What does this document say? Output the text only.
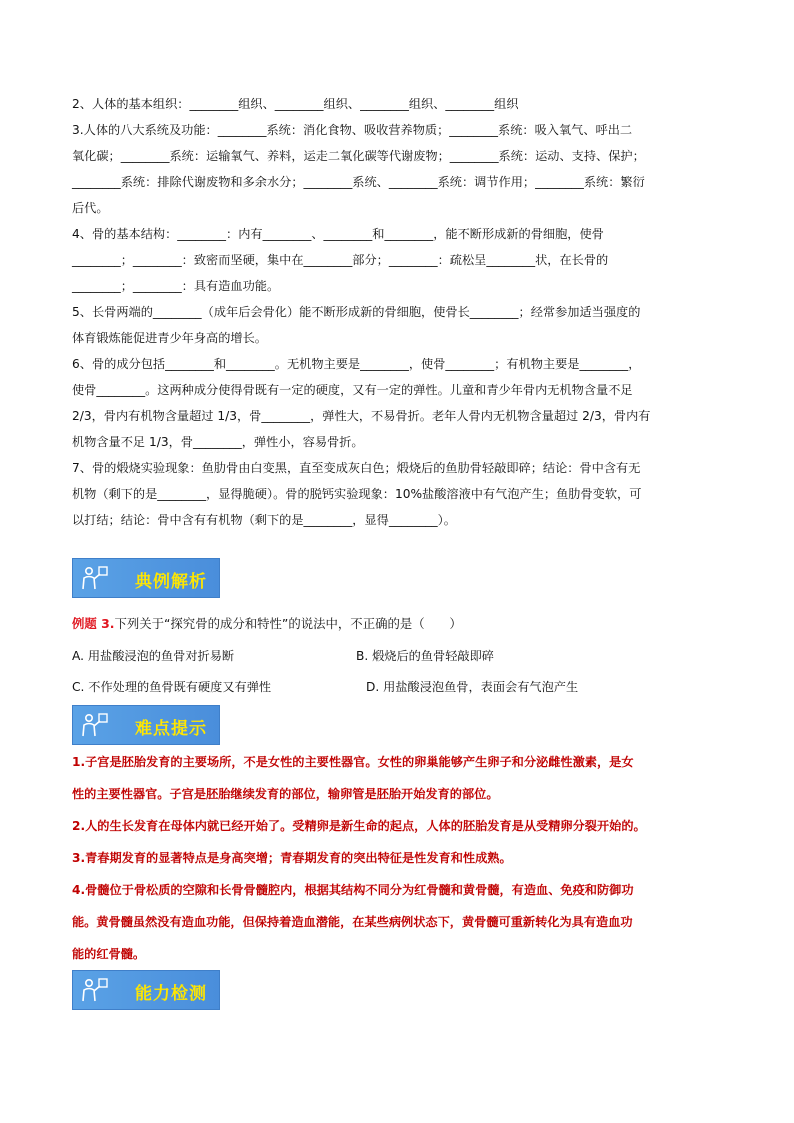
2、人体的基本组织：________组织、________组织、________组织、________组织
3.人体的八大系统及功能：________系统：消化食物、吸收营养物质；________系统：吸入氧气、呼出二
氧化碳；________系统：运输氧气、养料，运走二氧化碳等代谢废物；________系统：运动、支持、保护；
________系统：排除代谢废物和多余水分；________系统、________系统：调节作用；________系统：繁衍
后代。
4、骨的基本结构：________：内有________、________和________，能不断形成新的骨细胞，使骨
________；________：致密而坚硬，集中在________部分；________：疏松呈________状，在长骨的
________；________：具有造血功能。
5、长骨两端的________（成年后会骨化）能不断形成新的骨细胞，使骨长________；经常参加适当强度的
体育锻炼能促进青少年身高的增长。
6、骨的成分包括________和________。无机物主要是________，使骨________；有机物主要是________，
使骨________。这两种成分使得骨既有一定的硬度，又有一定的弹性。儿童和青少年骨内无机物含量不足
2/3，骨内有机物含量超过 1/3，骨________，弹性大，不易骨折。老年人骨内无机物含量超过 2/3，骨内有
机物含量不足 1/3，骨________，弹性小，容易骨折。
7、骨的煅烧实验现象：鱼肋骨由白变黑，直至变成灰白色；煅烧后的鱼肋骨轻敲即碎；结论：骨中含有无
机物（剩下的是________，显得脆硬）。骨的脱钙实验现象：10%盐酸溶液中有气泡产生；鱼肋骨变软，可
以打结；结论：骨中含有有机物（剩下的是________，显得________）。
典例解析
例题 3.下列关于“探究骨的成分和特性”的说法中，不正确的是（　　）
A. 用盐酸浸泡的鱼骨对折易断	B. 煅烧后的鱼骨轻敲即碎
C. 不作处理的鱼骨既有硬度又有弹性	D. 用盐酸浸泡鱼骨，表面会有气泡产生
难点提示
1.子宫是胚胎发育的主要场所，不是女性的主要性器官。女性的卵巢能够产生卵子和分泌雌性激素，是女
性的主要性器官。子宫是胚胎继续发育的部位，输卵管是胚胎开始发育的部位。
2.人的生长发育在母体内就已经开始了。受精卵是新生命的起点，人体的胚胎发育是从受精卵分裂开始的。
3.青春期发育的显著特点是身高突增；青春期发育的突出特征是性发育和性成熟。
4.骨髓位于骨松质的空隙和长骨骨髓腔内，根据其结构不同分为红骨髓和黄骨髓，有造血、免疫和防御功
能。黄骨髓虽然没有造血功能，但保持着造血潜能，在某些病例状态下，黄骨髓可重新转化为具有造血功
能的红骨髓。
能力检测
